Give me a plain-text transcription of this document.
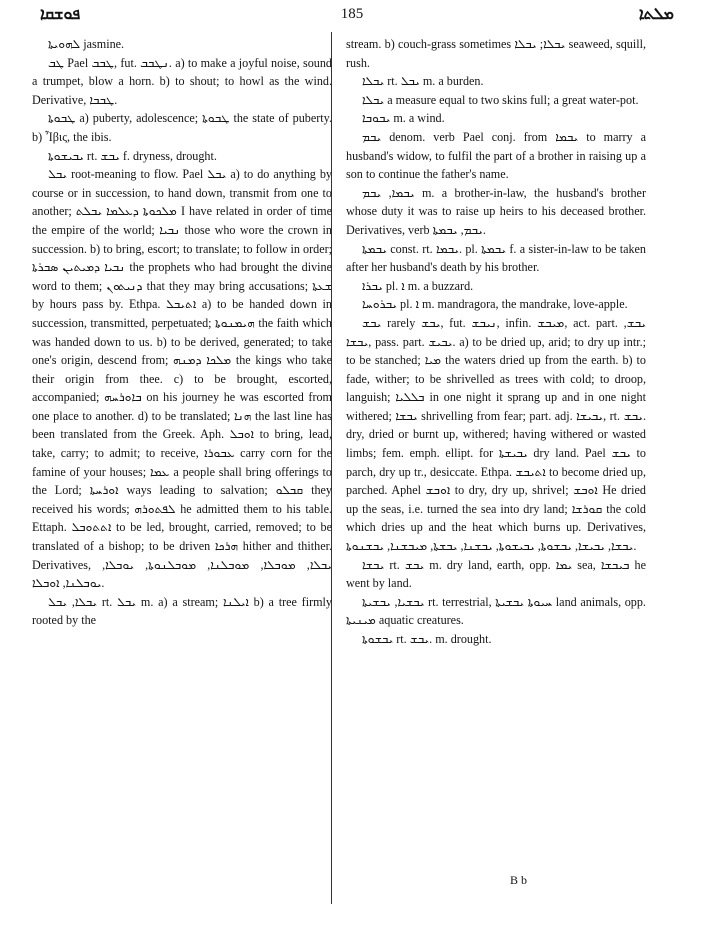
ܦܘܫܩܐ	185	ܡܠܬܐ

ܠܗܘܝܬܐ jasmine.

ܛܒ Pael ܛܒܒ, fut. ܢܛܒܒ. a) to make a joyful noise, sound a trumpet, blow a horn. b) to shout; to howl as the wind. Derivative, ܛܒܒܐ.

ܛܒܘܬܐ a) puberty, adolescence; ܛܒܘܬܐ the state of puberty. b) Ἶβις, the ibis.

ܝܒܝܫܘܬܐ rt. ܝܒܫ f. dryness, drought.

ܝܒܠ root-meaning to flow. Pael ܝܒܠ a) to do anything by course or in succession, to hand down, transmit from one to another; ܡܠܟܘܬܐ ܕܥܠܡܐ ܝܒܠܬ I have related in order of time the empire of the world; ܢܒܝܐ those who wore the crown in succession. b) to bring, escort; to translate; to follow in order; ܢܒܝܐ ܕܡܝܬܝܢ ܣܒܪܬܐ the prophets who had brought the divine word to them; ܕܢܝܬܘܢ that they may bring accusations; ܫܥܬܐ by hours pass by. Ethpa. ܐܬܝܒܠ a) to be handed down in succession, transmitted, perpetuated; ܗܝܡܢܘܬܐ the faith which was handed down to us. b) to be derived, generated; to take one's origin, descend from; ܡܠܟܐ ܕܡܢܗ the kings who take their origin from thee. c) to be brought, escorted, accompanied; ܒܐܘܪܚܗ on his journey he was escorted from one place to another. d) to be translated; ܗܢܐ the last line has been translated from the Greek. Aph. ܐܘܒܠ to bring, lead, take, carry; to admit; to receive, ܥܒܘܪܐ carry corn for the famine of your houses; ܥܡܐ a people shall bring offerings to the Lord; ܐܘܪܚܬܐ ways leading to salvation; ܩܒܠܘ they received his words; ܠܦܬܘܪܗ he admitted them to his table. Ettaph. ܐܬܬܘܒܠ to be led, brought, carried, removed; to be translated of a bishop; to be driven ܗܪܟܐ hither and thither. Derivatives, ܝܒܠܐ, ܡܘܒܠܐ, ܡܘܒܠܢܐ, ܡܘܒܠܢܘܬܐ, ܝܘܒܠܐ, ܝܘܒܠܢܐ, ܐܘܒܠܐ.

ܝܒܠܐ, ܝܒܠ rt. ܝܒܠ m. a) a stream; ܐܝܠܢܐ b) a tree firmly rooted by the

stream. b) couch-grass sometimes ܝܒܠܐ; ܝܒܠܐ seaweed, squill, rush.

ܝܒܠܐ rt. ܝܒܠ m. a burden.

ܝܒܠܐ a measure equal to two skins full; a great water-pot.

ܝܒܘܒܐ m. a wind.

ܝܒܡ denom. verb Pael conj. from ܝܒܡܐ to marry a husband's widow, to fulfil the part of a brother in raising up a son to continue the father's name.

ܝܒܡܐ, ܝܒܡ m. a brother-in-law, the husband's brother whose duty it was to raise up heirs to his deceased brother. Derivatives, verb ܝܒܡ, ܝܒܡܬܐ.

ܝܒܡܬܐ const. rt. ܝܒܡܐ. pl. ܝܒܡܬܐ f. a sister-in-law to be taken after her husband's death by his brother.

ܝܒܪܐ pl. ܐ m. a buzzard.

ܝܒܪܘܚܐ pl. ܐ m. mandragora, the mandrake, love-apple.

ܝܒܫ rarely ܝܒܫ, fut. ܢܝܒܫ, infin. ܡܝܒܫ, act. part. ܝܒܫ, ܝܒܫܐ, pass. part. ܝܒܝܫ. a) to be dried up, arid; to dry up intr.; to be stanched; ܡܝܐ the waters dried up from the earth. b) to fade, wither; to be shrivelled as trees with cold; to droop, languish; ܒܠܠܝܐ in one night it sprang up and in one night withered; ܝܒܫܐ shrivelling from fear; part. adj. ܝܒܝܫܐ, rt. ܝܒܫ. dry, dried or burnt up, withered; having withered or wasted limbs; fem. emph. ellipt. for ܝܒܝܫܬܐ dry land. Pael ܝܒܫ to parch, dry up tr., desiccate. Ethpa. ܐܬܝܒܫ to become dried up, parched. Aphel ܐܘܒܫ to dry, dry up, shrivel; ܐܘܒܫ He dried up the seas, i.e. turned the sea into dry land; ܩܘܪܫܐ the cold which dries up and the heat which burns up. Derivatives, ܝܒܫܐ, ܝܒܝܫܐ, ܝܒܫܘܬܐ, ܝܒܝܫܘܬܐ, ܝܒܫܢܐ, ܝܒܫܬܐ, ܡܝܒܫܢܐ, ܝܒܫܢܘܬܐ.

ܝܒܫܐ rt. ܝܒܫ m. dry land, earth, opp. ܝܡܐ sea, ܒܝܒܫܐ he went by land.

ܝܒܫܝܐ, ܝܒܫܝܬܐ rt. terrestrial, ܚܝܘܬܐ ܝܒܫܝܬܐ land animals, opp. ܡܝܢܝܬܐ aquatic creatures.

ܝܒܫܘܬܐ rt. ܝܒܫ. m. drought.

B b
